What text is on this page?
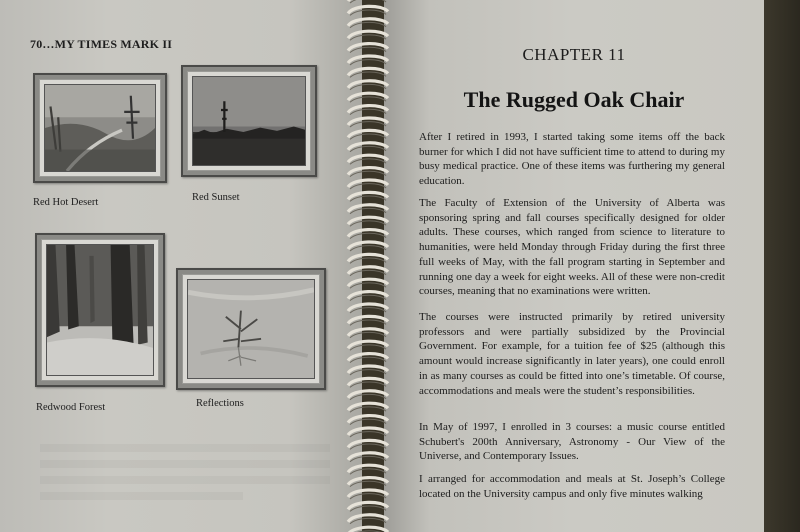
70…MY TIMES MARK II
Red Hot Desert	Red Sunset
Redwood Forest	Reflections
CHAPTER 11
The Rugged Oak Chair

After I retired in 1993, I started taking some items off the back burner for which I did not have sufficient time to attend to during my busy medical practice. One of these items was furthering my general education.

The Faculty of Extension of the University of Alberta was sponsoring spring and fall courses specifically designed for older adults. These courses, which ranged from science to literature to humanities, were held Monday through Friday during the first three full weeks of May, with the fall program starting in September and running one day a week for eight weeks. All of these were non-credit courses, meaning that no examinations were written.

The courses were instructed primarily by retired university professors and were partially subsidized by the Provincial Government. For example, for a tuition fee of $25 (although this amount would increase significantly in later years), one could enroll in as many courses as could be fitted into one’s timetable. Of course, accommodations and meals were the student’s responsibilities.

In May of 1997, I enrolled in 3 courses: a music course entitled Schubert's 200th Anniversary, Astronomy - Our View of the Universe, and Contemporary Issues.

I arranged for accommodation and meals at St. Joseph’s College located on the University campus and only five minutes walking
